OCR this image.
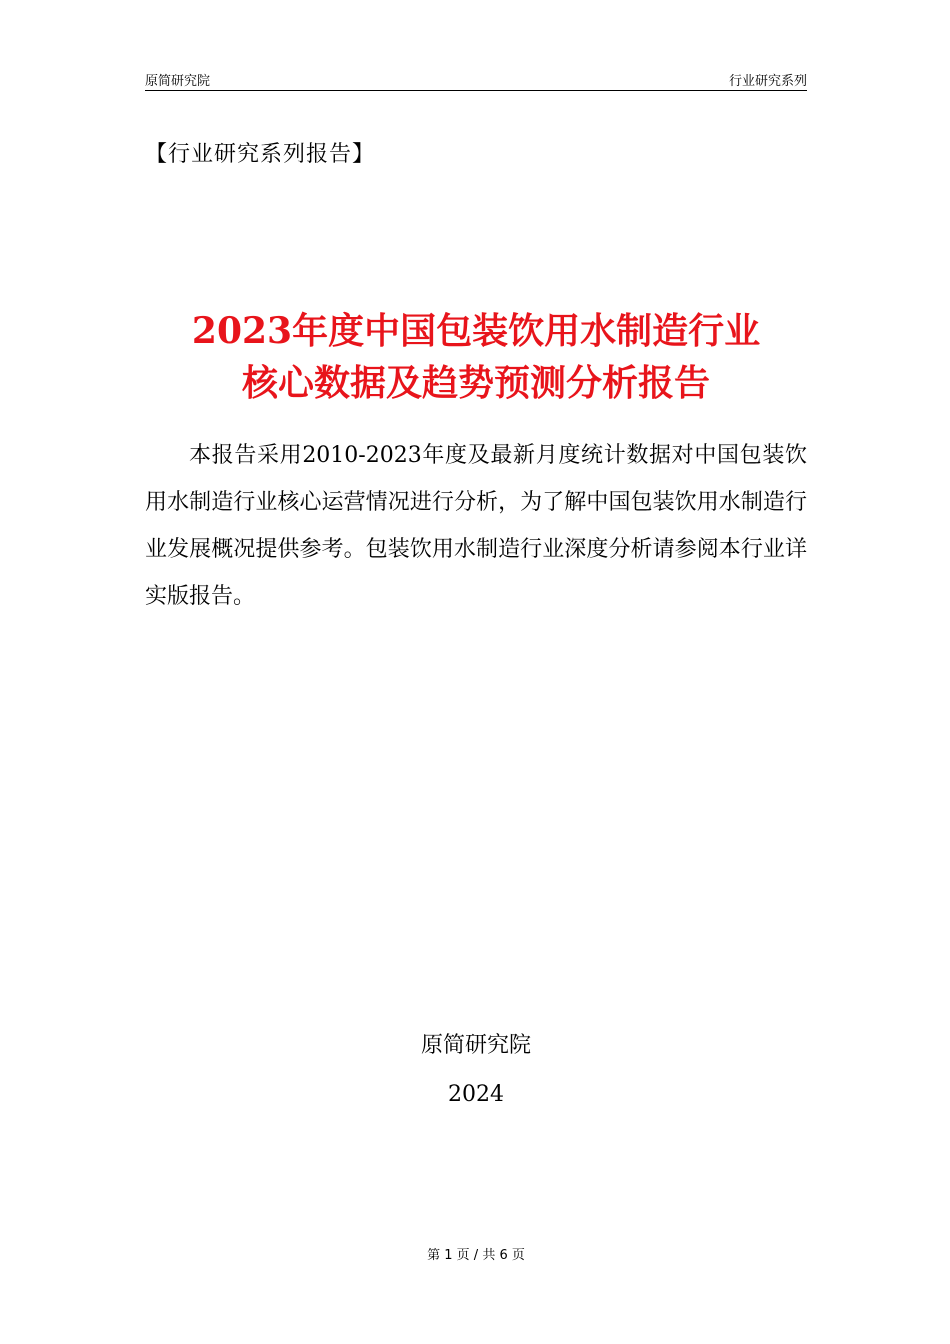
原简研究院	行业研究系列
【行业研究系列报告】
2023年度中国包装饮用水制造行业
核心数据及趋势预测分析报告

本报告采用2010-2023年度及最新月度统计数据对中国包装饮用水制造行业核心运营情况进行分析，为了解中国包装饮用水制造行业发展概况提供参考。包装饮用水制造行业深度分析请参阅本行业详实版报告。

原简研究院
2024
第 1 页 / 共 6 页
